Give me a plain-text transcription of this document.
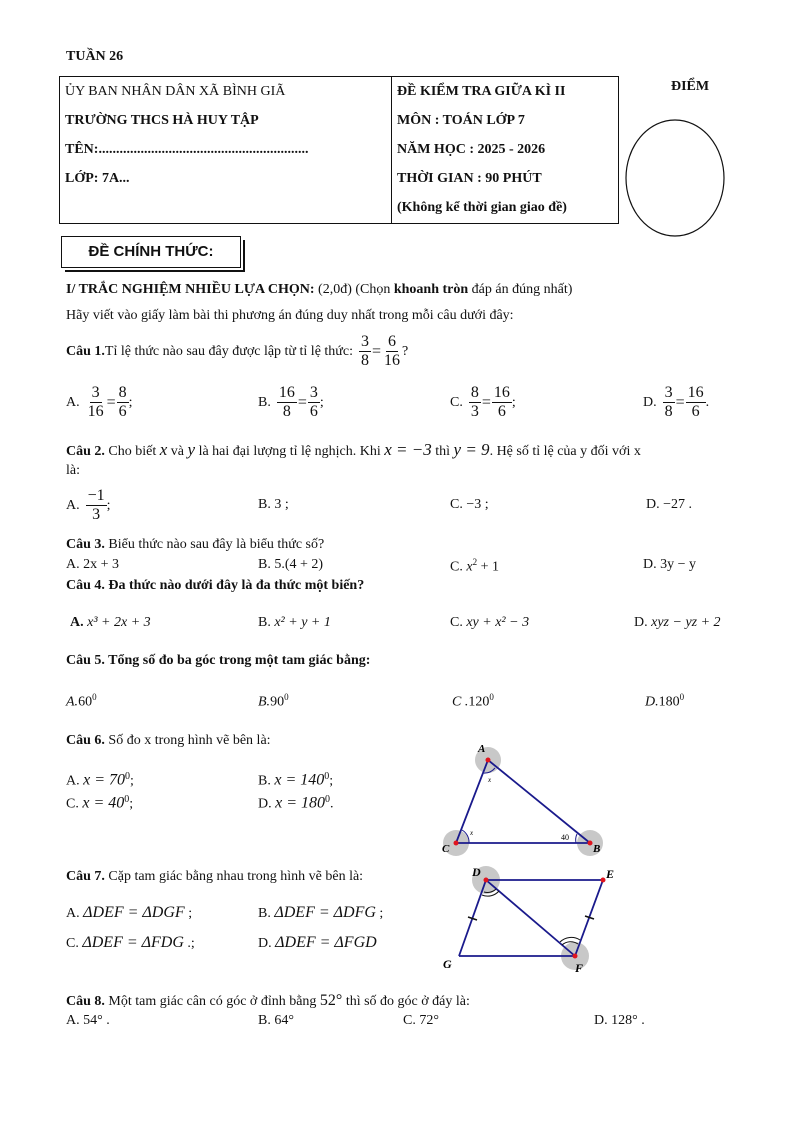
TUẦN 26
ỦY BAN NHÂN DÂN XÃ BÌNH GIÃ
TRƯỜNG THCS HÀ HUY TẬP
TÊN:............................................................
LỚP: 7A...

ĐỀ KIỂM TRA GIỮA KÌ II
MÔN : TOÁN LỚP 7
NĂM HỌC : 2025 - 2026
THỜI GIAN : 90 PHÚT
(Không kể thời gian giao đề)
ĐIỂM
ĐỀ CHÍNH THỨC:
I/ TRẮC NGHIỆM NHIỀU LỰA CHỌN: (2,0đ) (Chọn khoanh tròn đáp án đúng nhất)
Hãy viết vào giấy làm bài thi phương án đúng duy nhất trong mỗi câu dưới đây:
Câu 1. Tỉ lệ thức nào sau đây được lập từ tỉ lệ thức: $\frac{3}{8} = \frac{6}{16}$ ?
A. $\frac{3}{16} = \frac{8}{6}$ ;	B. $\frac{16}{8} = \frac{3}{6}$ ;	C. $\frac{8}{3} = \frac{16}{6}$ ;	D. $\frac{3}{8} = \frac{16}{6}$ .
Câu 2. Cho biết x và y là hai đại lượng tỉ lệ nghịch. Khi x = −3 thì y = 9. Hệ số tỉ lệ của y đối với x
là:
A. $\frac{-1}{3}$ ;	B. 3 ;	C. −3 ;	D. −27 .
Câu 3. Biểu thức nào sau đây là biểu thức số?
A. 2x + 3	B. 5.(4 + 2)	C. $x^2 + 1$	D. 3y − y
Câu 4. Đa thức nào dưới đây là đa thức một biến?
A. x³ + 2x + 3	B. x² + y + 1	C. xy + x² − 3	D. xyz − yz + 2
Câu 5. Tổng số đo ba góc trong một tam giác bằng:
$A.60^0$	$B.90^0$	C .120$^0$	D.180$^0$
Câu 6. Số đo x trong hình vẽ bên là:
A. $x = 70^0$;	B. $x = 140^0$;
C. $x = 40^0$;	D. $x = 180^0$.
A
C	B
x
x	40
Câu 7. Cặp tam giác bằng nhau trong hình vẽ bên là:
A. ΔDEF = ΔDGF ;	B. ΔDEF = ΔDFG ;
C. ΔDEF = ΔFDG .;	D. ΔDEF = ΔFGD
D	E
F
G
Câu 8. Một tam giác cân có góc ở đỉnh bằng 52° thì số đo góc ở đáy là:
A. 54° .	B. 64°	C. 72°	D. 128° .
